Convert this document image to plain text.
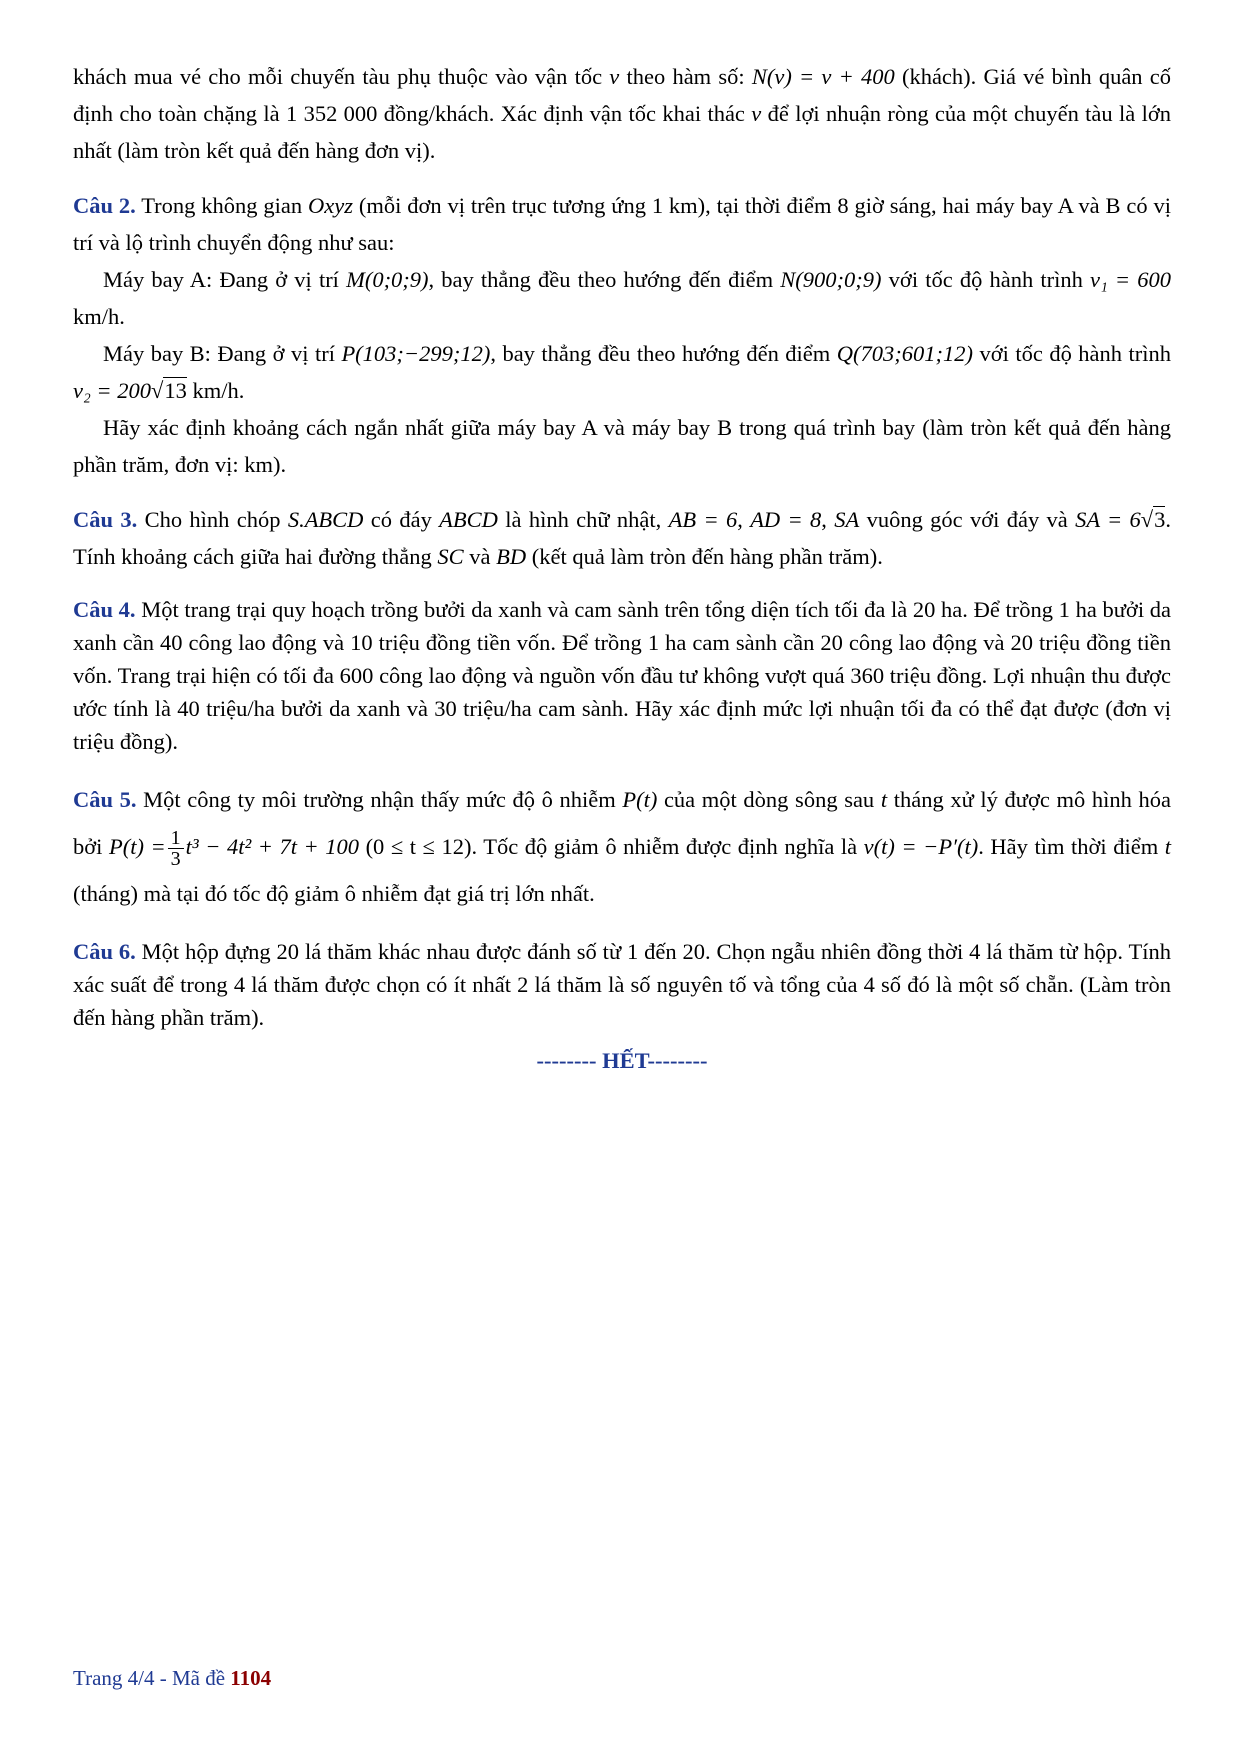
khách mua vé cho mỗi chuyến tàu phụ thuộc vào vận tốc v theo hàm số: N(v) = v + 400 (khách). Giá vé bình quân cố định cho toàn chặng là 1 352 000 đồng/khách. Xác định vận tốc khai thác v để lợi nhuận ròng của một chuyến tàu là lớn nhất (làm tròn kết quả đến hàng đơn vị).

Câu 2. Trong không gian Oxyz (mỗi đơn vị trên trục tương ứng 1 km), tại thời điểm 8 giờ sáng, hai máy bay A và B có vị trí và lộ trình chuyển động như sau:

Máy bay A: Đang ở vị trí M(0;0;9), bay thẳng đều theo hướng đến điểm N(900;0;9) với tốc độ hành trình v₁ = 600 km/h.

Máy bay B: Đang ở vị trí P(103;−299;12), bay thẳng đều theo hướng đến điểm Q(703;601;12) với tốc độ hành trình v₂ = 200√13 km/h.

Hãy xác định khoảng cách ngắn nhất giữa máy bay A và máy bay B trong quá trình bay (làm tròn kết quả đến hàng phần trăm, đơn vị: km).

Câu 3. Cho hình chóp S.ABCD có đáy ABCD là hình chữ nhật, AB = 6, AD = 8, SA vuông góc với đáy và SA = 6√3. Tính khoảng cách giữa hai đường thẳng SC và BD (kết quả làm tròn đến hàng phần trăm).

Câu 4. Một trang trại quy hoạch trồng bưởi da xanh và cam sành trên tổng diện tích tối đa là 20 ha. Để trồng 1 ha bưởi da xanh cần 40 công lao động và 10 triệu đồng tiền vốn. Để trồng 1 ha cam sành cần 20 công lao động và 20 triệu đồng tiền vốn. Trang trại hiện có tối đa 600 công lao động và nguồn vốn đầu tư không vượt quá 360 triệu đồng. Lợi nhuận thu được ước tính là 40 triệu/ha bưởi da xanh và 30 triệu/ha cam sành. Hãy xác định mức lợi nhuận tối đa có thể đạt được (đơn vị triệu đồng).

Câu 5. Một công ty môi trường nhận thấy mức độ ô nhiễm P(t) của một dòng sông sau t tháng xử lý được mô hình hóa bởi $P(t) = \frac{1}{3} t^3 - 4t^2 + 7t + 100$ (0 ≤ t ≤ 12). Tốc độ giảm ô nhiễm được định nghĩa là v(t) = −P′(t). Hãy tìm thời điểm t (tháng) mà tại đó tốc độ giảm ô nhiễm đạt giá trị lớn nhất.

Câu 6. Một hộp đựng 20 lá thăm khác nhau được đánh số từ 1 đến 20. Chọn ngẫu nhiên đồng thời 4 lá thăm từ hộp. Tính xác suất để trong 4 lá thăm được chọn có ít nhất 2 lá thăm là số nguyên tố và tổng của 4 số đó là một số chẵn. (Làm tròn đến hàng phần trăm).

-------- HẾT--------

Trang 4/4 - Mã đề 1104
